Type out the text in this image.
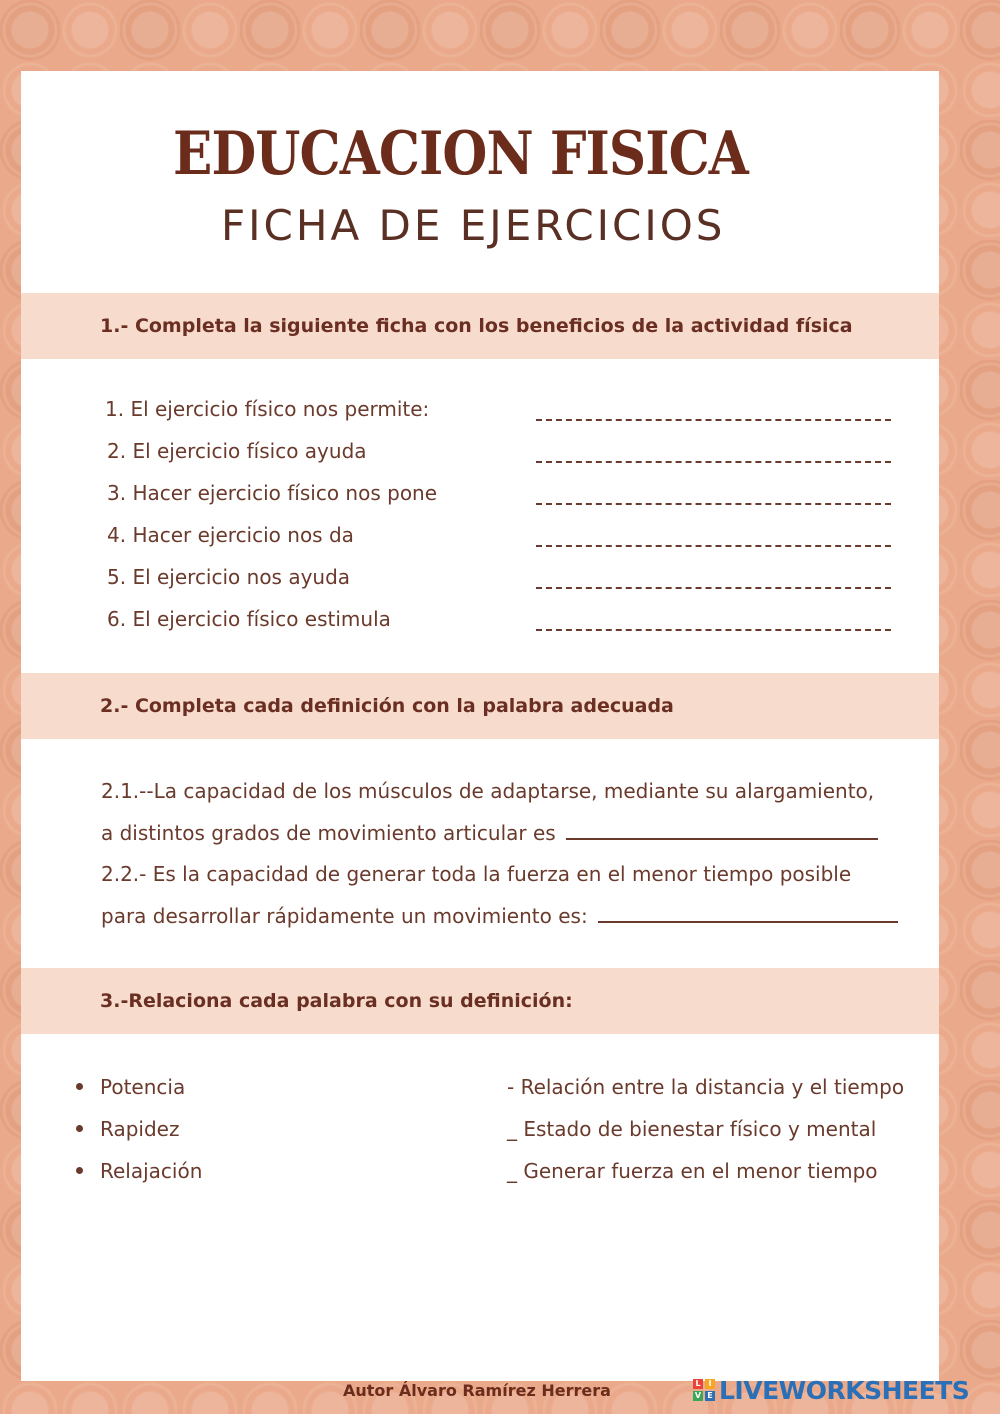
EDUCACION FISICA
FICHA DE EJERCICIOS
1.- Completa la siguiente ficha con los beneficios de la actividad física
1. El ejercicio físico nos permite:
2. El ejercicio físico ayuda
3. Hacer ejercicio físico nos pone
4. Hacer ejercicio nos da
5. El ejercicio nos ayuda
6. El ejercicio físico estimula
2.- Completa cada definición con la palabra adecuada
2.1.--La capacidad de los músculos de adaptarse, mediante su alargamiento,
a distintos grados de movimiento articular es
2.2.- Es la capacidad de generar toda la fuerza en el menor tiempo posible
para desarrollar rápidamente un movimiento es:
3.-Relaciona cada palabra con su definición:
Potencia
Rapidez
Relajación
- Relación entre la distancia y el tiempo
_ Estado de bienestar físico y mental
_ Generar fuerza en el menor tiempo
Autor Álvaro Ramírez Herrera	L I
V E LIVEWORKSHEETS
